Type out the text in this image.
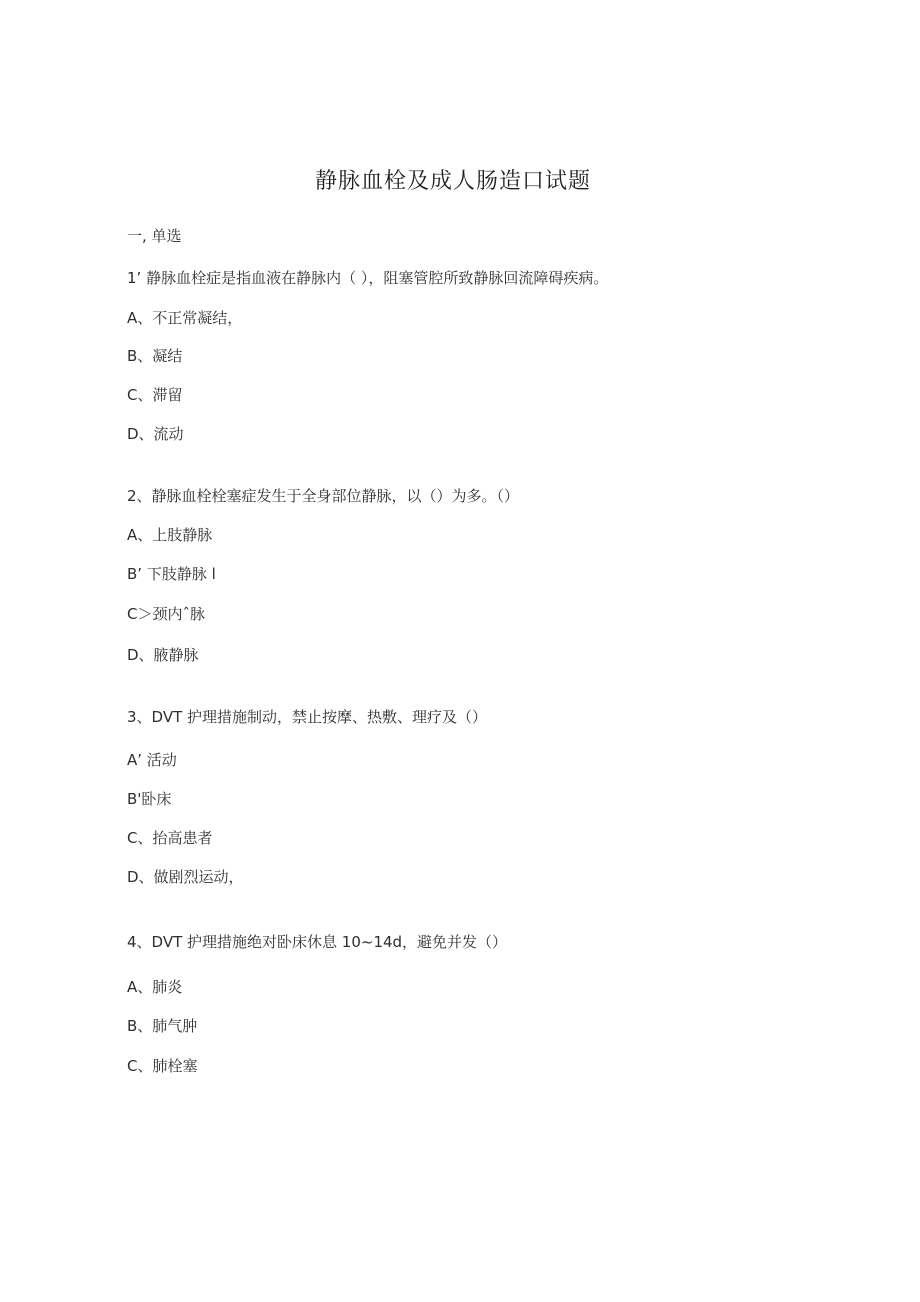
静脉血栓及成人肠造口试题
一, 单选
1’ 静脉血栓症是指血液在静脉内（ ），阻塞管腔所致静脉回流障碍疾病。
A、不正常凝结，
B、凝结
C、滞留
D、流动
2、静脉血栓栓塞症发生于全身部位静脉，以（）为多。（）
A、上肢静脉
B’ 下肢静脉 l
C＞颈内ˆ脉
D、腋静脉
3、DVT 护理措施制动，禁止按摩、热敷、理疗及（）
A’ 活动
B'卧床
C、抬高患者
D、做剧烈运动，
4、DVT 护理措施绝对卧床休息 10~14d，避免并发（）
A、肺炎
B、肺气肿
C、肺栓塞
